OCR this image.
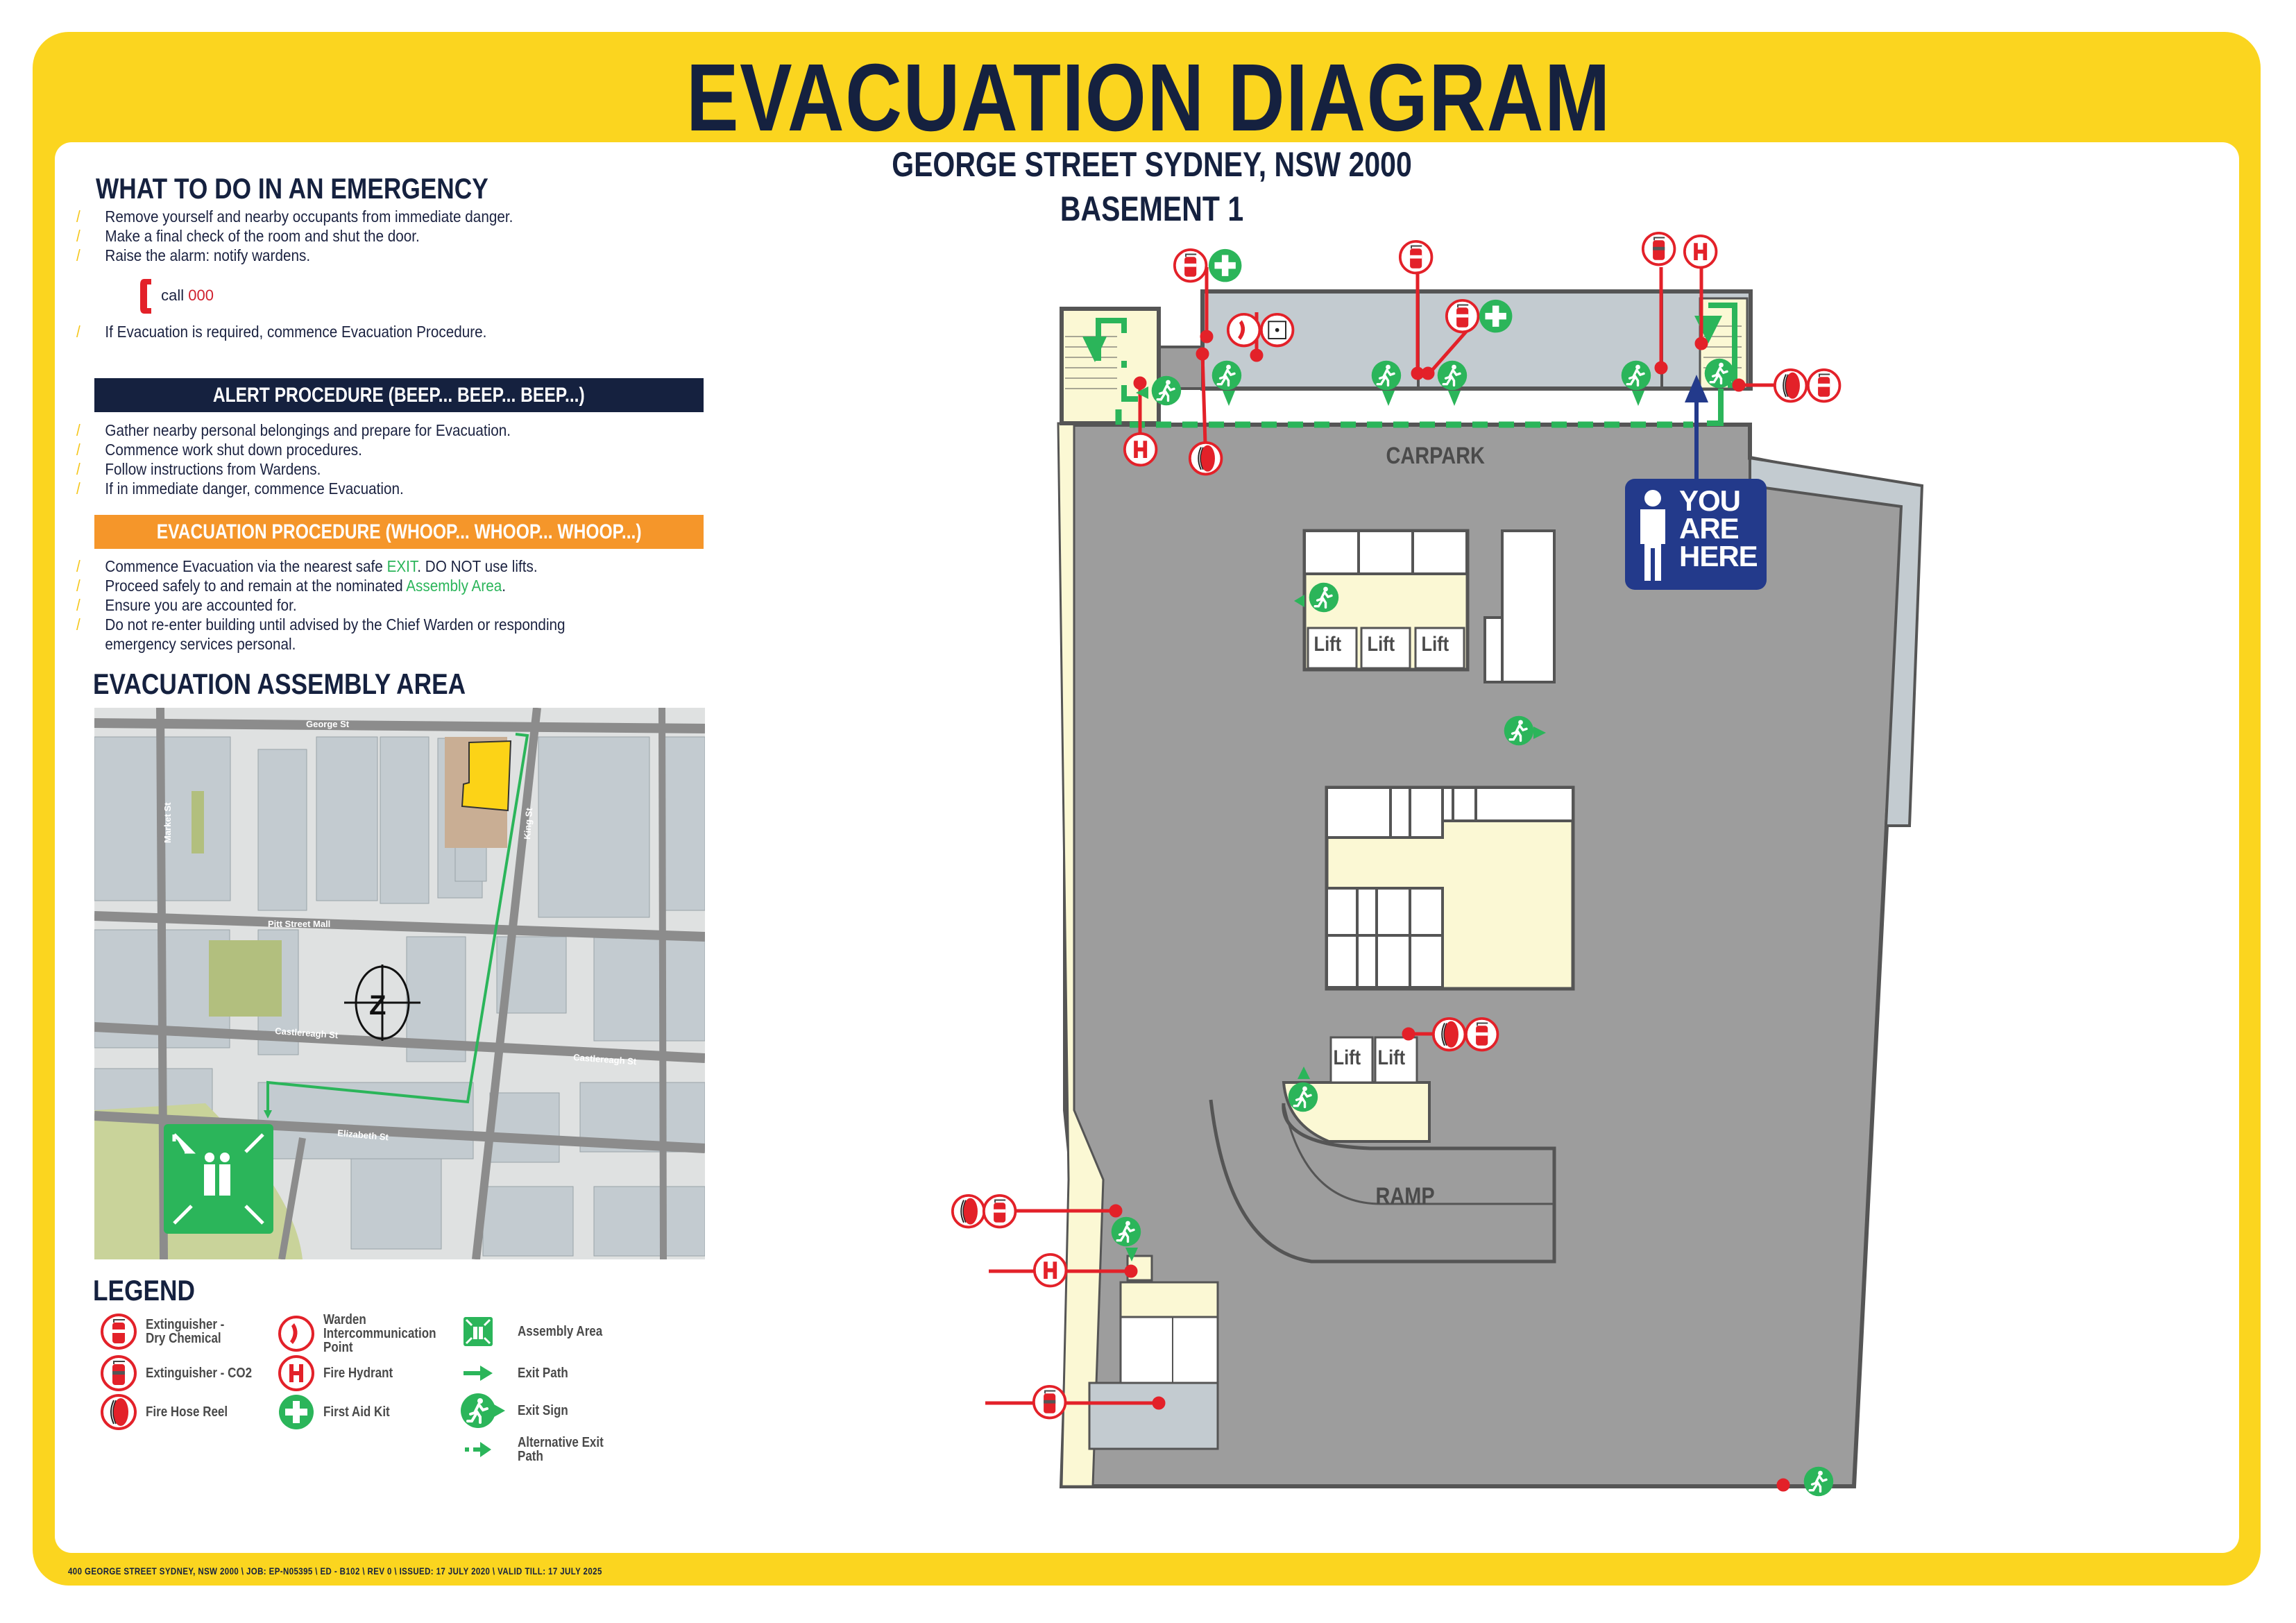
EVACUATION DIAGRAM
GEORGE STREET SYDNEY, NSW 2000
BASEMENT 1
WHAT TO DO IN AN EMERGENCY
/ Remove yourself and nearby occupants from immediate danger.
/ Make a final check of the room and shut the door.
/ Raise the alarm: notify wardens.
call 000
/ If Evacuation is required, commence Evacuation Procedure.
ALERT PROCEDURE (BEEP... BEEP... BEEP...)
/ Gather nearby personal belongings and prepare for Evacuation.
/ Commence work shut down procedures.
/ Follow instructions from Wardens.
/ If in immediate danger, commence Evacuation.
EVACUATION PROCEDURE (WHOOP... WHOOP... WHOOP...)
/ Commence Evacuation via the nearest safe EXIT. DO NOT use lifts.
/ Proceed safely to and remain at the nominated Assembly Area.
/ Ensure you are accounted for.
/ Do not re-enter building until advised by the Chief Warden or responding
emergency services personal.
EVACUATION ASSEMBLY AREA
George St
Pitt Street Mall
Castlereagh St
Castlereagh St
Elizabeth St
Market St	King St
Z
LEGEND
Extinguisher - Dry Chemical
Extinguisher - CO2
Fire Hose Reel
Warden Intercommunication Point
Fire Hydrant
First Aid Kit
Assembly Area
Exit Path
Exit Sign
Alternative Exit Path
CARPARK
RAMP
Lift Lift Lift
Lift Lift
YOU
ARE
HERE
400 GEORGE STREET SYDNEY, NSW 2000 \ JOB: EP-N05395 \ ED - B102 \ REV 0 \ ISSUED: 17 JULY 2020 \ VALID TILL: 17 JULY 2025
